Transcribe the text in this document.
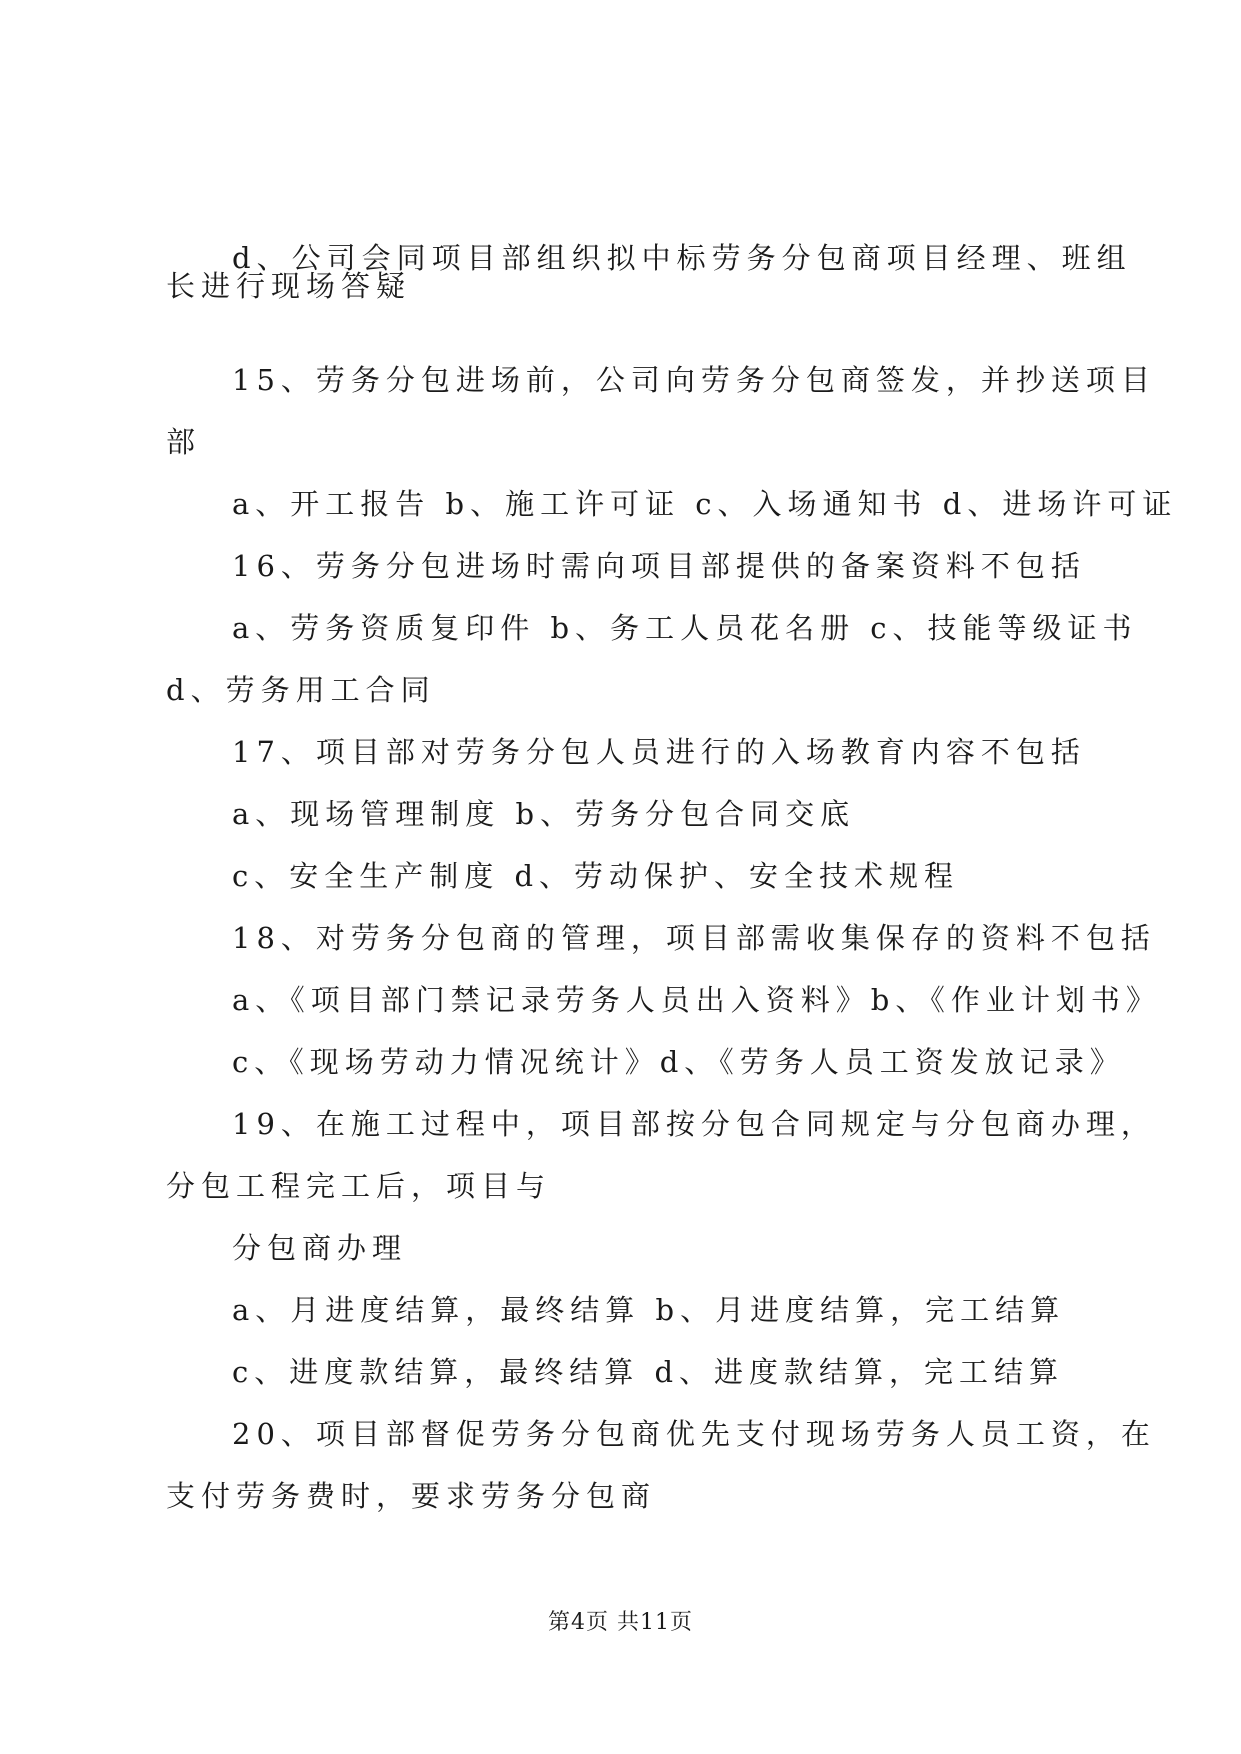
d、公司会同项目部组织拟中标劳务分包商项目经理、班组
长进行现场答疑
15、劳务分包进场前，公司向劳务分包商签发，并抄送项目
部
a、开工报告 b、施工许可证 c、入场通知书 d、进场许可证
16、劳务分包进场时需向项目部提供的备案资料不包括
a、劳务资质复印件 b、务工人员花名册 c、技能等级证书
d、劳务用工合同
17、项目部对劳务分包人员进行的入场教育内容不包括
a、现场管理制度 b、劳务分包合同交底
c、安全生产制度 d、劳动保护、安全技术规程
18、对劳务分包商的管理，项目部需收集保存的资料不包括
a、《项目部门禁记录劳务人员出入资料》b、《作业计划书》
c、《现场劳动力情况统计》d、《劳务人员工资发放记录》
19、在施工过程中，项目部按分包合同规定与分包商办理，
分包工程完工后，项目与
分包商办理
a、月进度结算，最终结算 b、月进度结算，完工结算
c、进度款结算，最终结算 d、进度款结算，完工结算
20、项目部督促劳务分包商优先支付现场劳务人员工资，在
支付劳务费时，要求劳务分包商
第4页 共11页
